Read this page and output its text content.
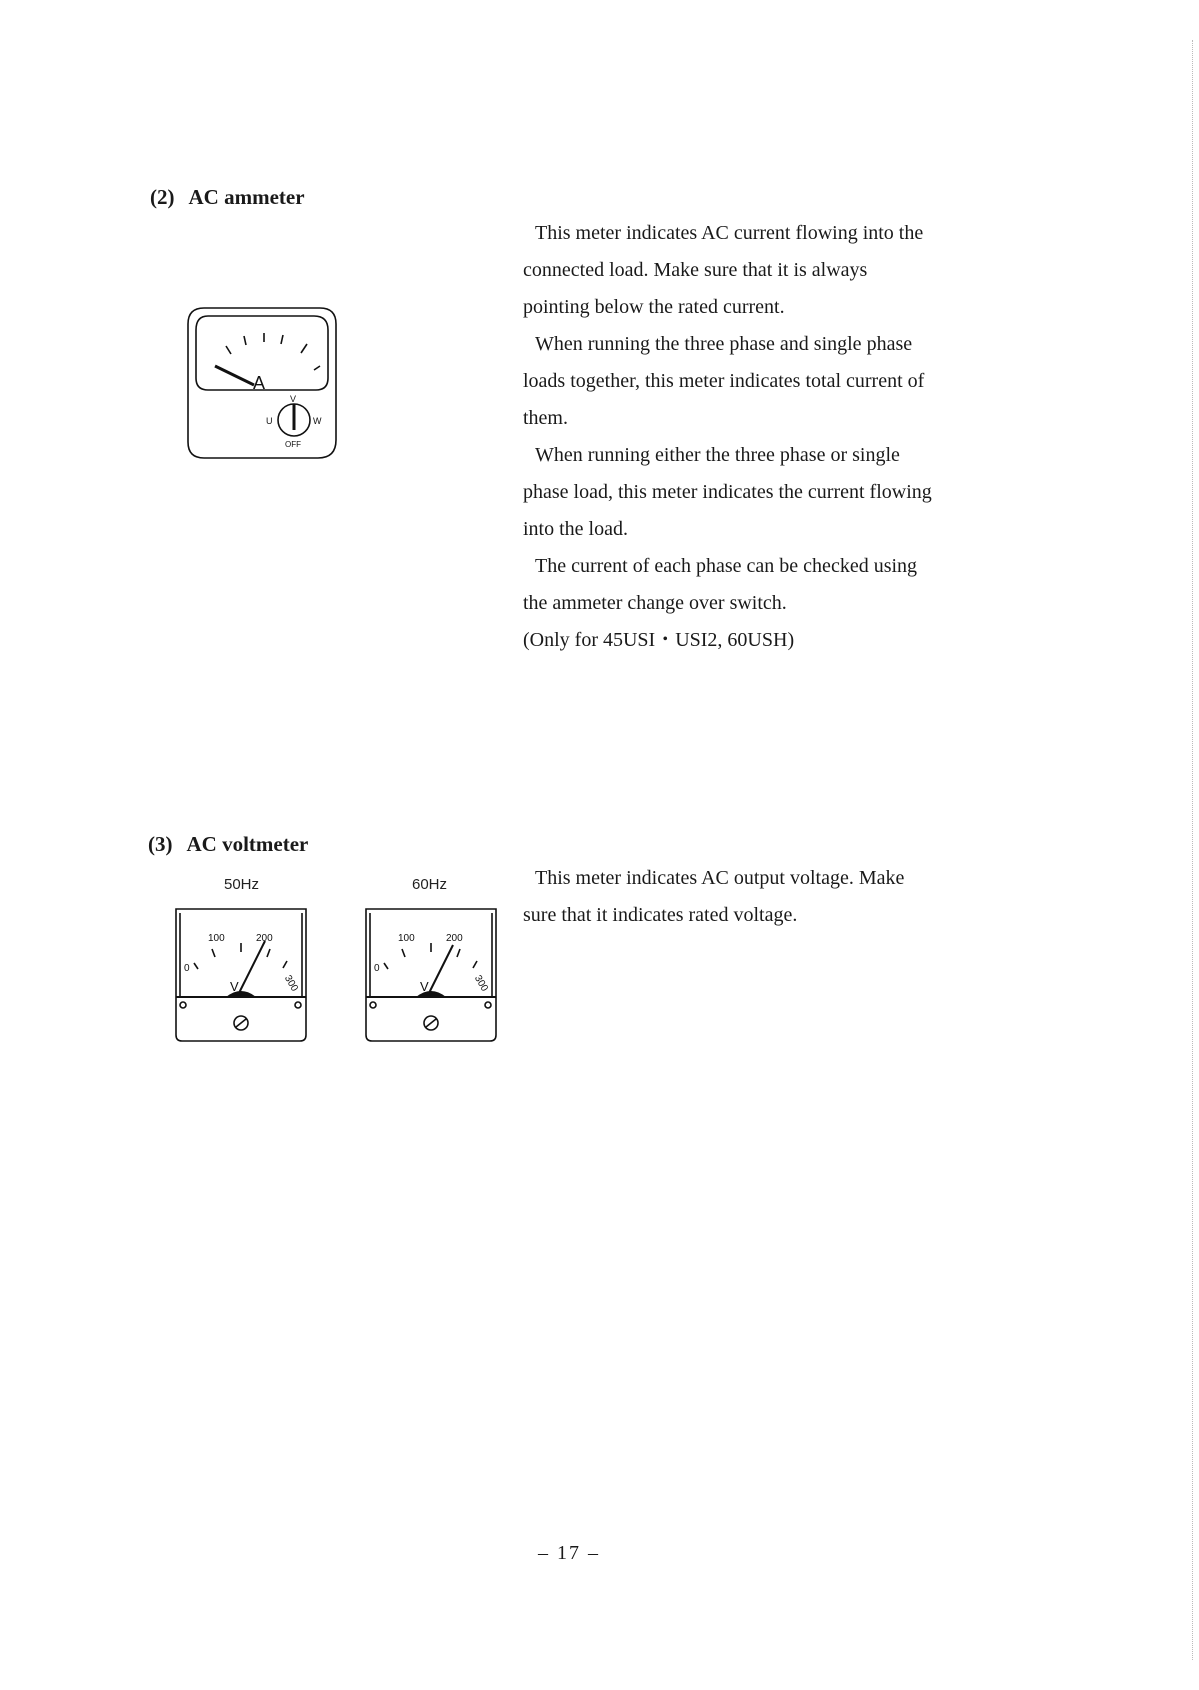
(2) AC ammeter

This meter indicates AC current flowing into the
connected load. Make sure that it is always
pointing below the rated current.

When running the three phase and single phase
loads together, this meter indicates total current of
them.

When running either the three phase or single
phase load, this meter indicates the current flowing
into the load.

The current of each phase can be checked using
the ammeter change over switch.

(Only for 45USI・USI2, 60USH)

A
V
U	W
OFF
(3) AC voltmeter

This meter indicates AC output voltage. Make
sure that it indicates rated voltage.

50Hz
0
100	200
300
V
60Hz
0
100	200
300
V
– 17 –
